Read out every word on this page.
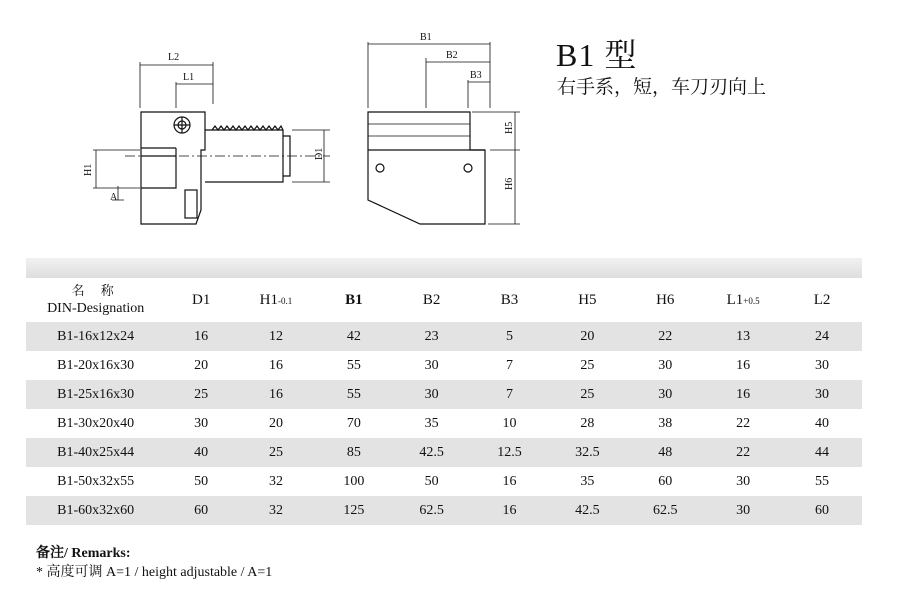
L2
L1
H1
A
D1
B1
B2
B3
H5
H6
B1 型
右手系，短，车刀刃向上
名 称
DIN-Designation	D1	H1-0.1	B1	B2	B3	H5	H6	L1+0.5	L2
B1-16x12x24	16	12	42	23	5	20	22	13	24
B1-20x16x30	20	16	55	30	7	25	30	16	30
B1-25x16x30	25	16	55	30	7	25	30	16	30
B1-30x20x40	30	20	70	35	10	28	38	22	40
B1-40x25x44	40	25	85	42.5	12.5	32.5	48	22	44
B1-50x32x55	50	32	100	50	16	35	60	30	55
B1-60x32x60	60	32	125	62.5	16	42.5	62.5	30	60
备注/ Remarks:
* 高度可调 A=1 / height adjustable / A=1
